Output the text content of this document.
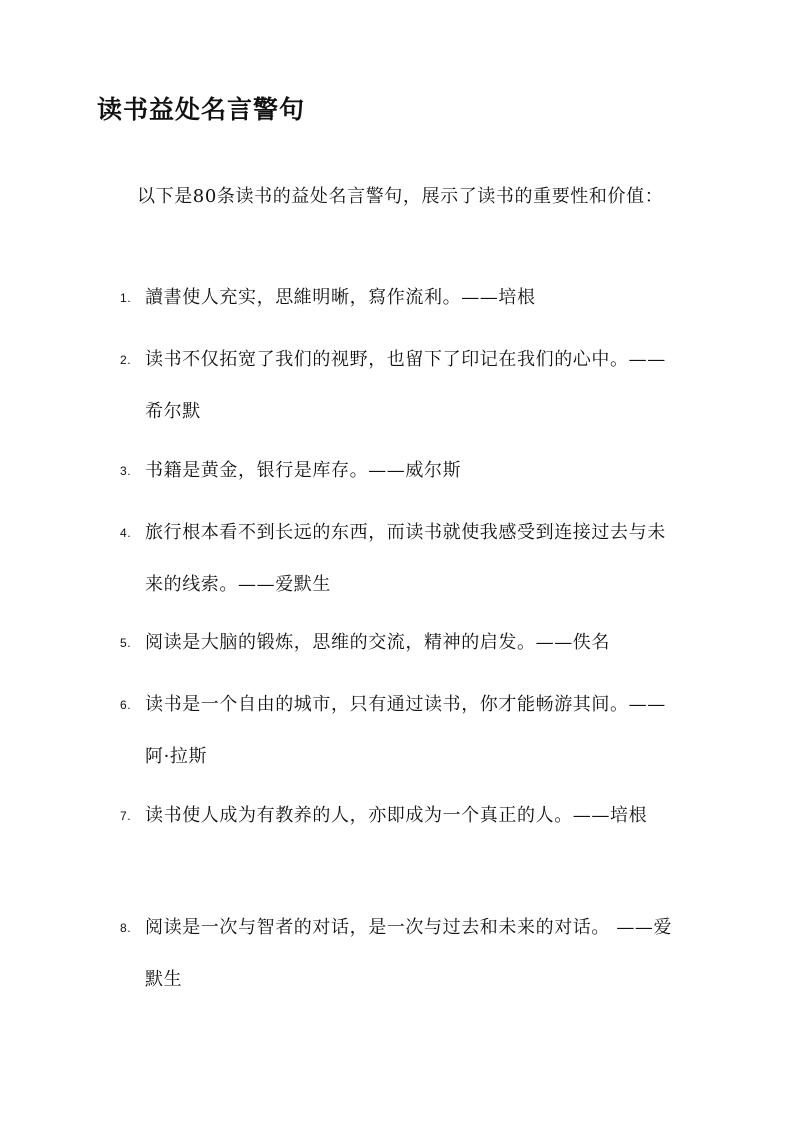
读书益处名言警句
以下是80条读书的益处名言警句，展示了读书的重要性和价值：
1. 讀書使人充实，思維明晰，寫作流利。——培根
2. 读书不仅拓宽了我们的视野，也留下了印记在我们的心中。——希尔默
3. 书籍是黄金，银行是库存。——威尔斯
4. 旅行根本看不到长远的东西，而读书就使我感受到连接过去与未来的线索。——爱默生
5. 阅读是大脑的锻炼，思维的交流，精神的启发。——佚名
6. 读书是一个自由的城市，只有通过读书，你才能畅游其间。——阿·拉斯
7. 读书使人成为有教养的人，亦即成为一个真正的人。——培根
8. 阅读是一次与智者的对话，是一次与过去和未来的对话。 ——爱默生
